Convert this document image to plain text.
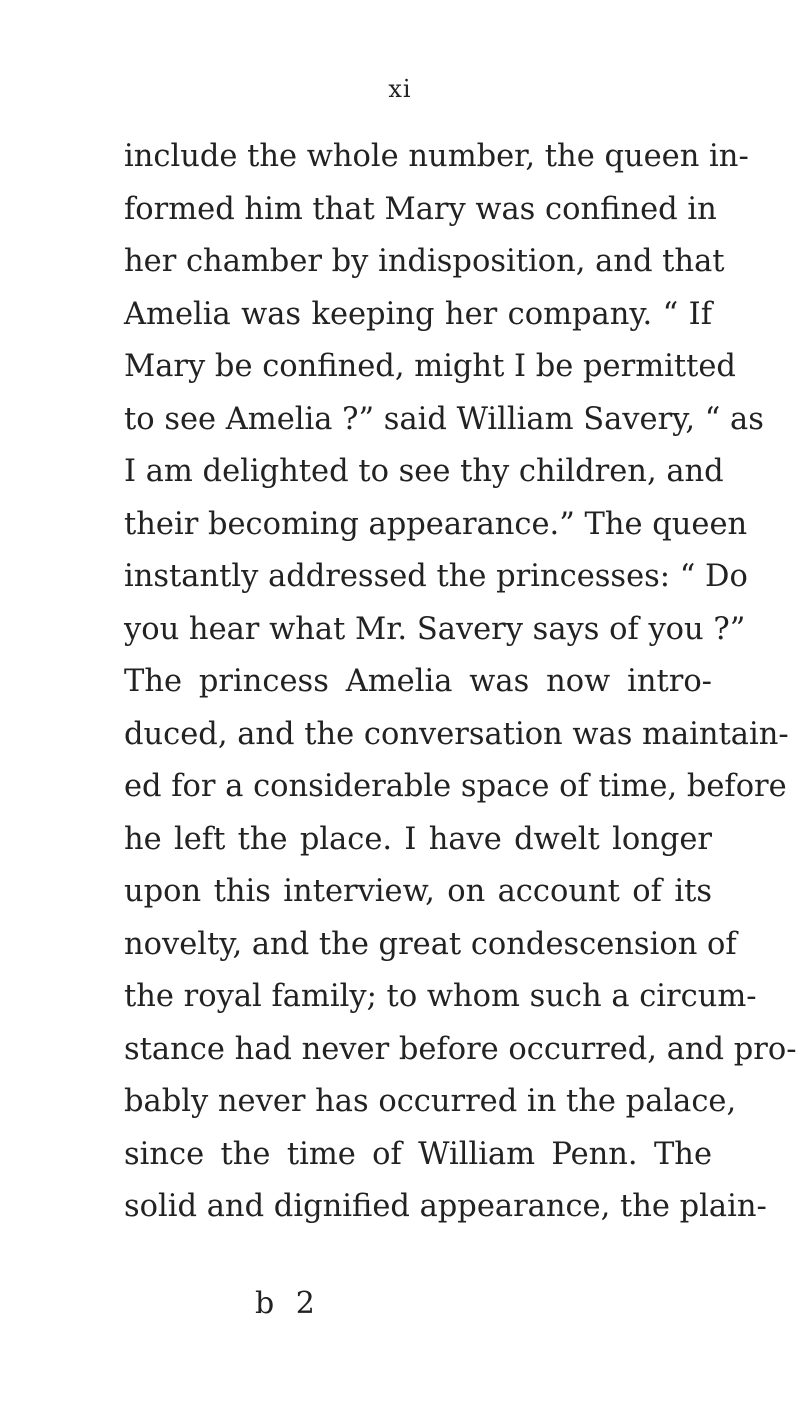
xi
include the whole number, the queen in-
formed him that Mary was confined in
her chamber by indisposition, and that
Amelia was keeping her company. “ If
Mary be confined, might I be permitted
to see Amelia ?” said William Savery, “ as
I am delighted to see thy children, and
their becoming appearance.” The queen
instantly addressed the princesses: “ Do
you hear what Mr. Savery says of you ?”
The princess Amelia was now intro-
duced, and the conversation was maintain-
ed for a considerable space of time, before
he left the place. I have dwelt longer
upon this interview, on account of its
novelty, and the great condescension of
the royal family; to whom such a circum-
stance had never before occurred, and pro-
bably never has occurred in the palace,
since the time of William Penn. The
solid and dignified appearance, the plain-
b 2
